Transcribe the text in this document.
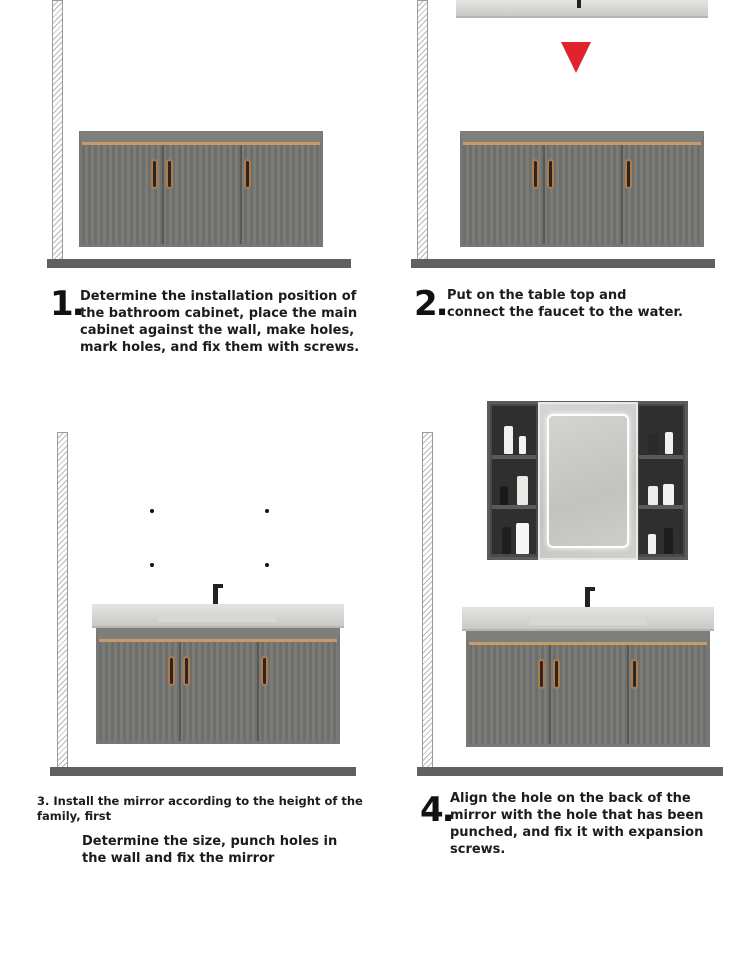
1.
Determine the installation position of
the bathroom cabinet, place the main
cabinet against the wall, make holes,
mark holes, and fix them with screws.
2. Put on the table top and
connect the faucet to the water.
3. Install the mirror according to the height of the
family, first
Determine the size, punch holes in
the wall and fix the mirror
4.
Align the hole on the back of the
mirror with the hole that has been
punched, and fix it with expansion
screws.
